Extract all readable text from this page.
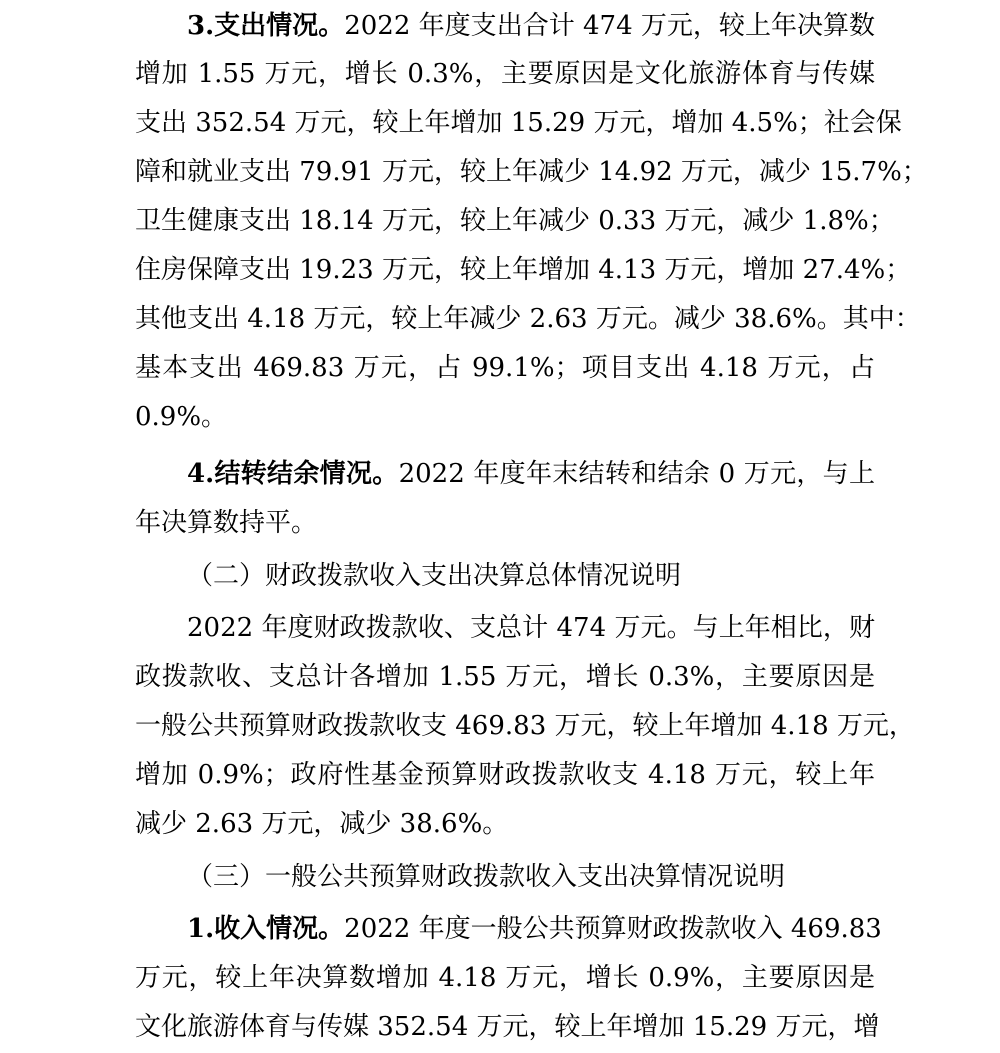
3.支出情况。2022 年度支出合计 474 万元，较上年决算数
增加 1.55 万元，增长 0.3%，主要原因是文化旅游体育与传媒
支出 352.54 万元，较上年增加 15.29 万元，增加 4.5%；社会保
障和就业支出 79.91 万元，较上年减少 14.92 万元，减少 15.7%；
卫生健康支出 18.14 万元，较上年减少 0.33 万元，减少 1.8%；
住房保障支出 19.23 万元，较上年增加 4.13 万元，增加 27.4%；
其他支出 4.18 万元，较上年减少 2.63 万元。减少 38.6%。其中：
基本支出 469.83 万元，占 99.1%；项目支出 4.18 万元，占
0.9%。
4.结转结余情况。2022 年度年末结转和结余 0 万元，与上
年决算数持平。
（二）财政拨款收入支出决算总体情况说明
2022 年度财政拨款收、支总计 474 万元。与上年相比，财
政拨款收、支总计各增加 1.55 万元，增长 0.3%，主要原因是
一般公共预算财政拨款收支 469.83 万元，较上年增加 4.18 万元，
增加 0.9%；政府性基金预算财政拨款收支 4.18 万元，较上年
减少 2.63 万元，减少 38.6%。
（三）一般公共预算财政拨款收入支出决算情况说明
1.收入情况。2022 年度一般公共预算财政拨款收入 469.83
万元，较上年决算数增加 4.18 万元，增长 0.9%，主要原因是
文化旅游体育与传媒 352.54 万元，较上年增加 15.29 万元，增
